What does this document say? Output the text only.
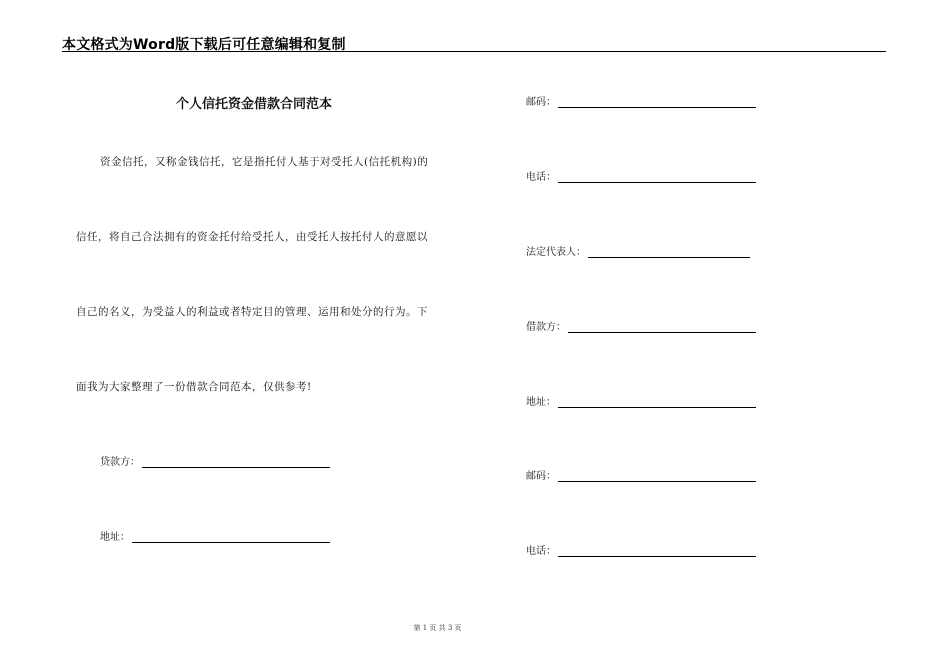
本文格式为Word版下载后可任意编辑和复制
个人信托资金借款合同范本
资金信托，又称金钱信托，它是指托付人基于对受托人(信托机构)的
信任，将自己合法拥有的资金托付给受托人，由受托人按托付人的意愿以
自己的名义，为受益人的利益或者特定目的管理、运用和处分的行为。下
面我为大家整理了一份借款合同范本，仅供参考!
贷款方：
地址：
邮码：
电话：
法定代表人：
借款方：
地址：
邮码：
电话：
第 1 页 共 3 页
